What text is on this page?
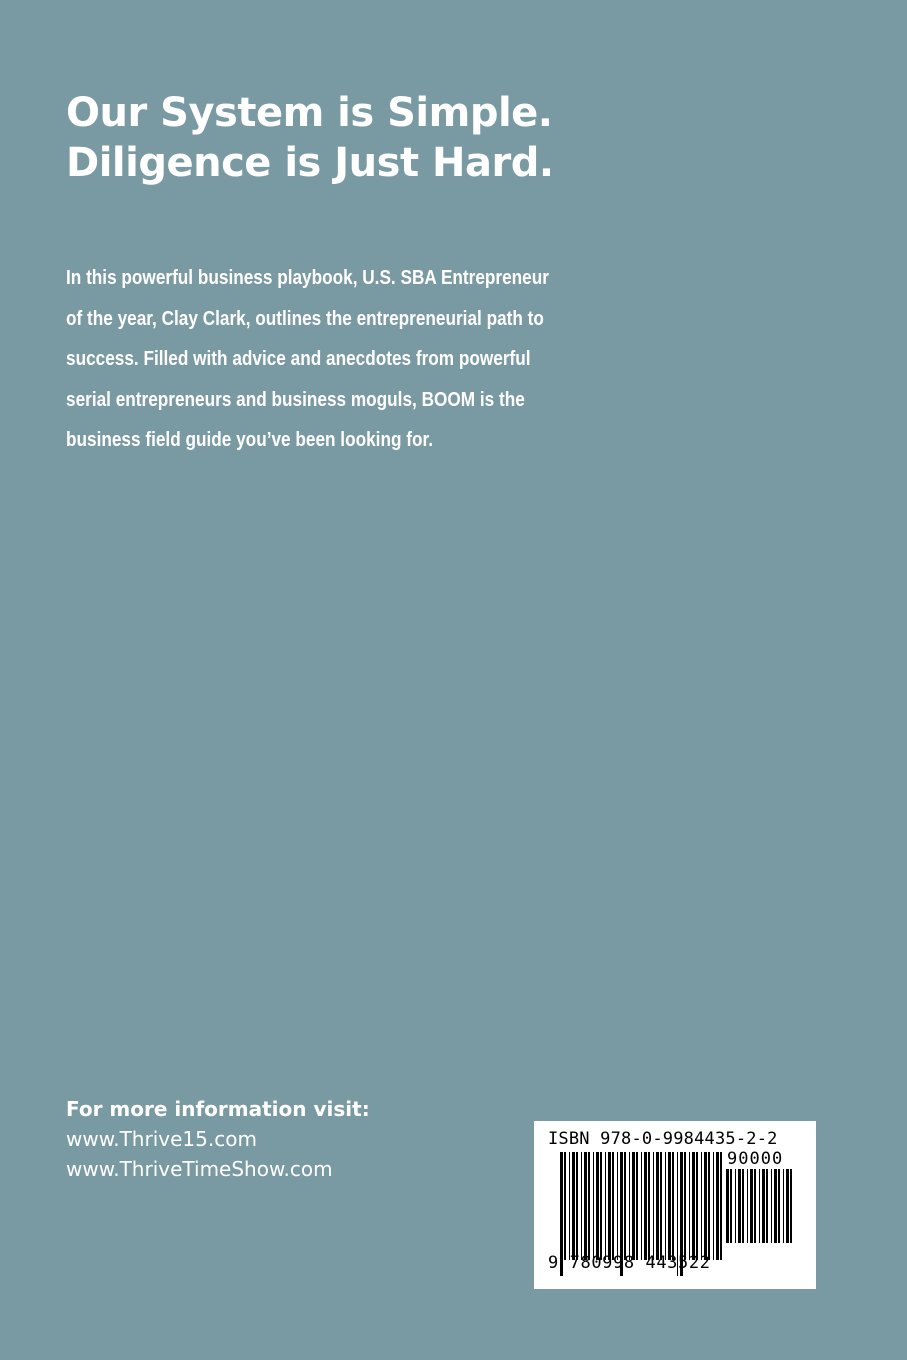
Our System is Simple.
Diligence is Just Hard.

In this powerful business playbook, U.S. SBA Entrepreneur
of the year, Clay Clark, outlines the entrepreneurial path to
success. Filled with advice and anecdotes from powerful
serial entrepreneurs and business moguls, BOOM is the
business field guide you’ve been looking for.

For more information visit:
www.Thrive15.com
www.ThriveTimeShow.com
ISBN 978-0-9984435-2-2
90000
9 780998 443522
